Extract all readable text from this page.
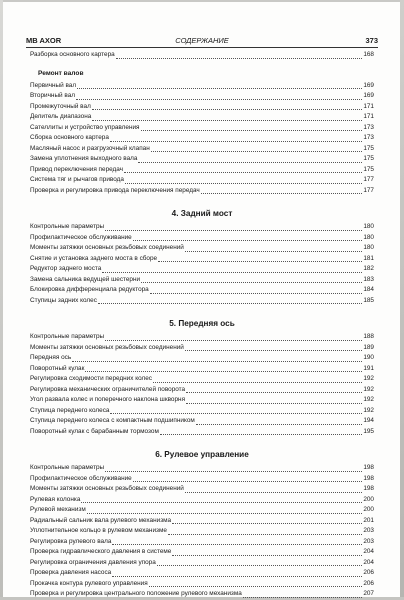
СОДЕРЖАНИЕ
MB AXOR	373
Разборка основного картера	168
Ремонт валов
Первичный вал	169
Вторичный вал	169
Промежуточный вал	171
Делитель диапазона	171
Сателлиты и устройство управления	173
Сборка основного картера	173
Масляный насос и разгрузочный клапан	175
Замена уплотнения выходного вала	175
Привод переключения передач	175
Система тяг и рычагов привода	177
Проверка и регулировка привода переключения передач	177
4. Задний мост
Контрольные параметры	180
Профилактическое обслуживание	180
Моменты затяжки основных резьбовых соединений	180
Снятие и установка заднего моста в сборе	181
Редуктор заднего моста	182
Замена сальника ведущей шестерни	183
Блокировка дифференциала редуктора	184
Ступицы задних колес	185
5. Передняя ось
Контрольные параметры	188
Моменты затяжки основных резьбовых соединений	189
Передняя ось	190
Поворотный кулак	191
Регулировка сходимости передних колес	192
Регулировка механических ограничителей поворота	192
Угол развала колес и поперечного наклона шкворня	192
Ступица переднего колеса	192
Ступица переднего колеса с компактным подшипником	194
Поворотный кулак с барабанным тормозом	195
6. Рулевое управление
Контрольные параметры	198
Профилактическое обслуживание	198
Моменты затяжки основных резьбовых соединений	198
Рулевая колонка	200
Рулевой механизм	200
Радиальный сальник вала рулевого механизма	201
Уплотнительное кольцо в рулевом механизме	203
Регулировка рулевого вала	203
Проверка гидравлического давления в системе	204
Регулировка ограничения давления упора	204
Проверка давления насоса	206
Прокачка контура рулевого управления	206
Проверка и регулировка центрального положение рулевого механизма	207
